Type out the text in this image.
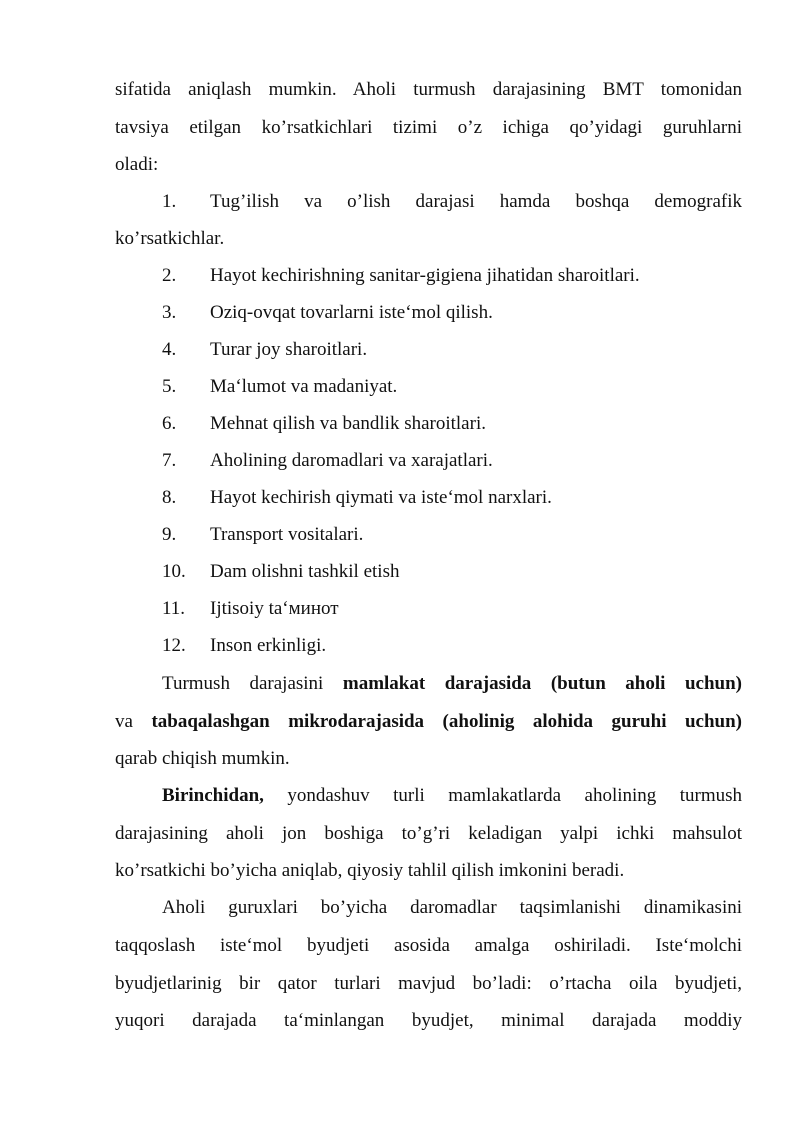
sifatida aniqlash mumkin. Aholi turmush darajasining BMT tomonidan
tavsiya etilgan ko’rsatkichlari tizimi o’z ichiga qo’yidagi guruhlarni
oladi:
1. Tug’ilish va o’lish darajasi hamda boshqa demografik
ko’rsatkichlar.
2. Hayot kechirishning sanitar-gigiena jihatidan sharoitlari.
3. Oziq-ovqat tovarlarni iste‘mol qilish.
4. Turar joy sharoitlari.
5. Ma‘lumot va madaniyat.
6. Mehnat qilish va bandlik sharoitlari.
7. Aholining daromadlari va xarajatlari.
8. Hayot kechirish qiymati va iste‘mol narxlari.
9. Transport vositalari.
10. Dam olishni tashkil etish
11. Ijtisoiy ta‘минот
12. Inson erkinligi.
Turmush darajasini mamlakat darajasida (butun aholi uchun)
va tabaqalashgan mikrodarajasida (aholinig alohida guruhi uchun)
qarab chiqish mumkin.
Birinchidan, yondashuv turli mamlakatlarda aholining turmush
darajasining aholi jon boshiga to’g’ri keladigan yalpi ichki mahsulot
ko’rsatkichi bo’yicha aniqlab, qiyosiy tahlil qilish imkonini beradi.
Aholi guruxlari bo’yicha daromadlar taqsimlanishi dinamikasini
taqqoslash iste‘mol byudjeti asosida amalga oshiriladi. Iste‘molchi
byudjetlarinig bir qator turlari mavjud bo’ladi: o’rtacha oila byudjeti,
yuqori darajada ta‘minlangan byudjet, minimal darajada moddiy
